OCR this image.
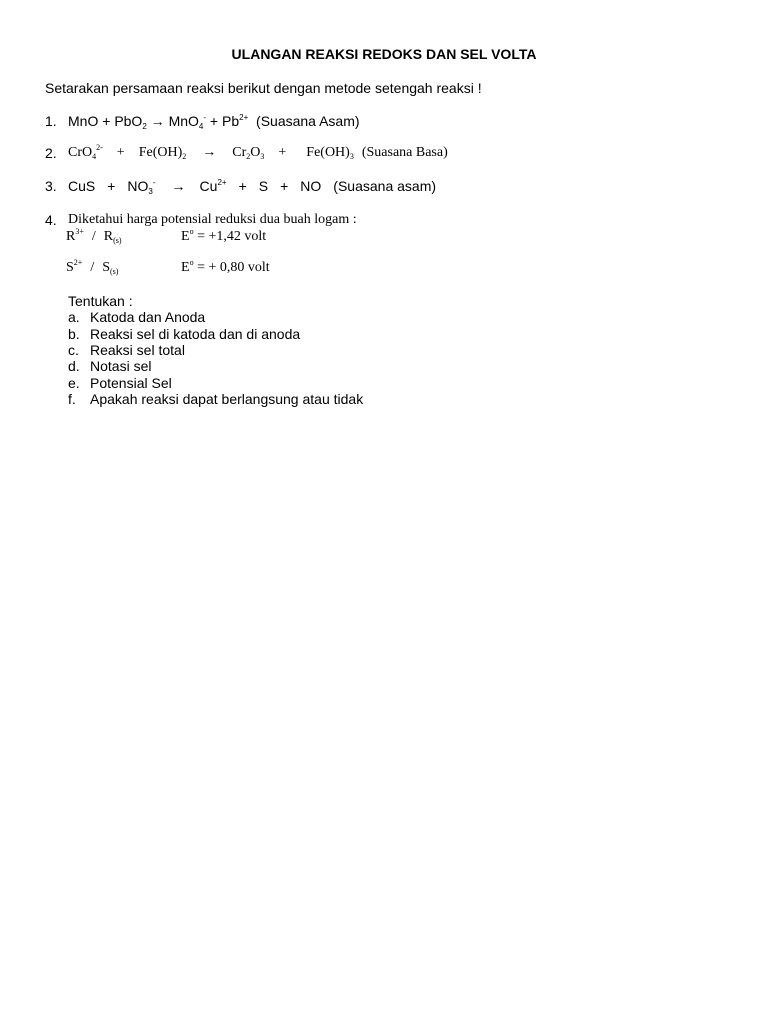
ULANGAN REAKSI REDOKS DAN SEL VOLTA
Setarakan persamaan reaksi berikut dengan metode setengah reaksi !
1. MnO + $PbO_2 \to MnO_4^- + Pb^{2+}$ (Suasana Asam)
2. $CrO_4^{2-} + Fe(OH)_2 \to Cr_2O_3 + Fe(OH)_3$ (Suasana Basa)
3. CuS + $NO_3^- \to Cu^{2+} + S$ + NO (Suasana asam)
4. Diketahui harga potensial reduksi dua buah logam :
$R^{3+} / R_{(s)}$	$E^o = +1,42$ volt
$S^{2+} / S_{(s)}$	$E^o$ = + 0,80 volt
Tentukan :
a. Katoda dan Anoda
b. Reaksi sel di katoda dan di anoda
c. Reaksi sel total
d. Notasi sel
e. Potensial Sel
f. Apakah reaksi dapat berlangsung atau tidak
